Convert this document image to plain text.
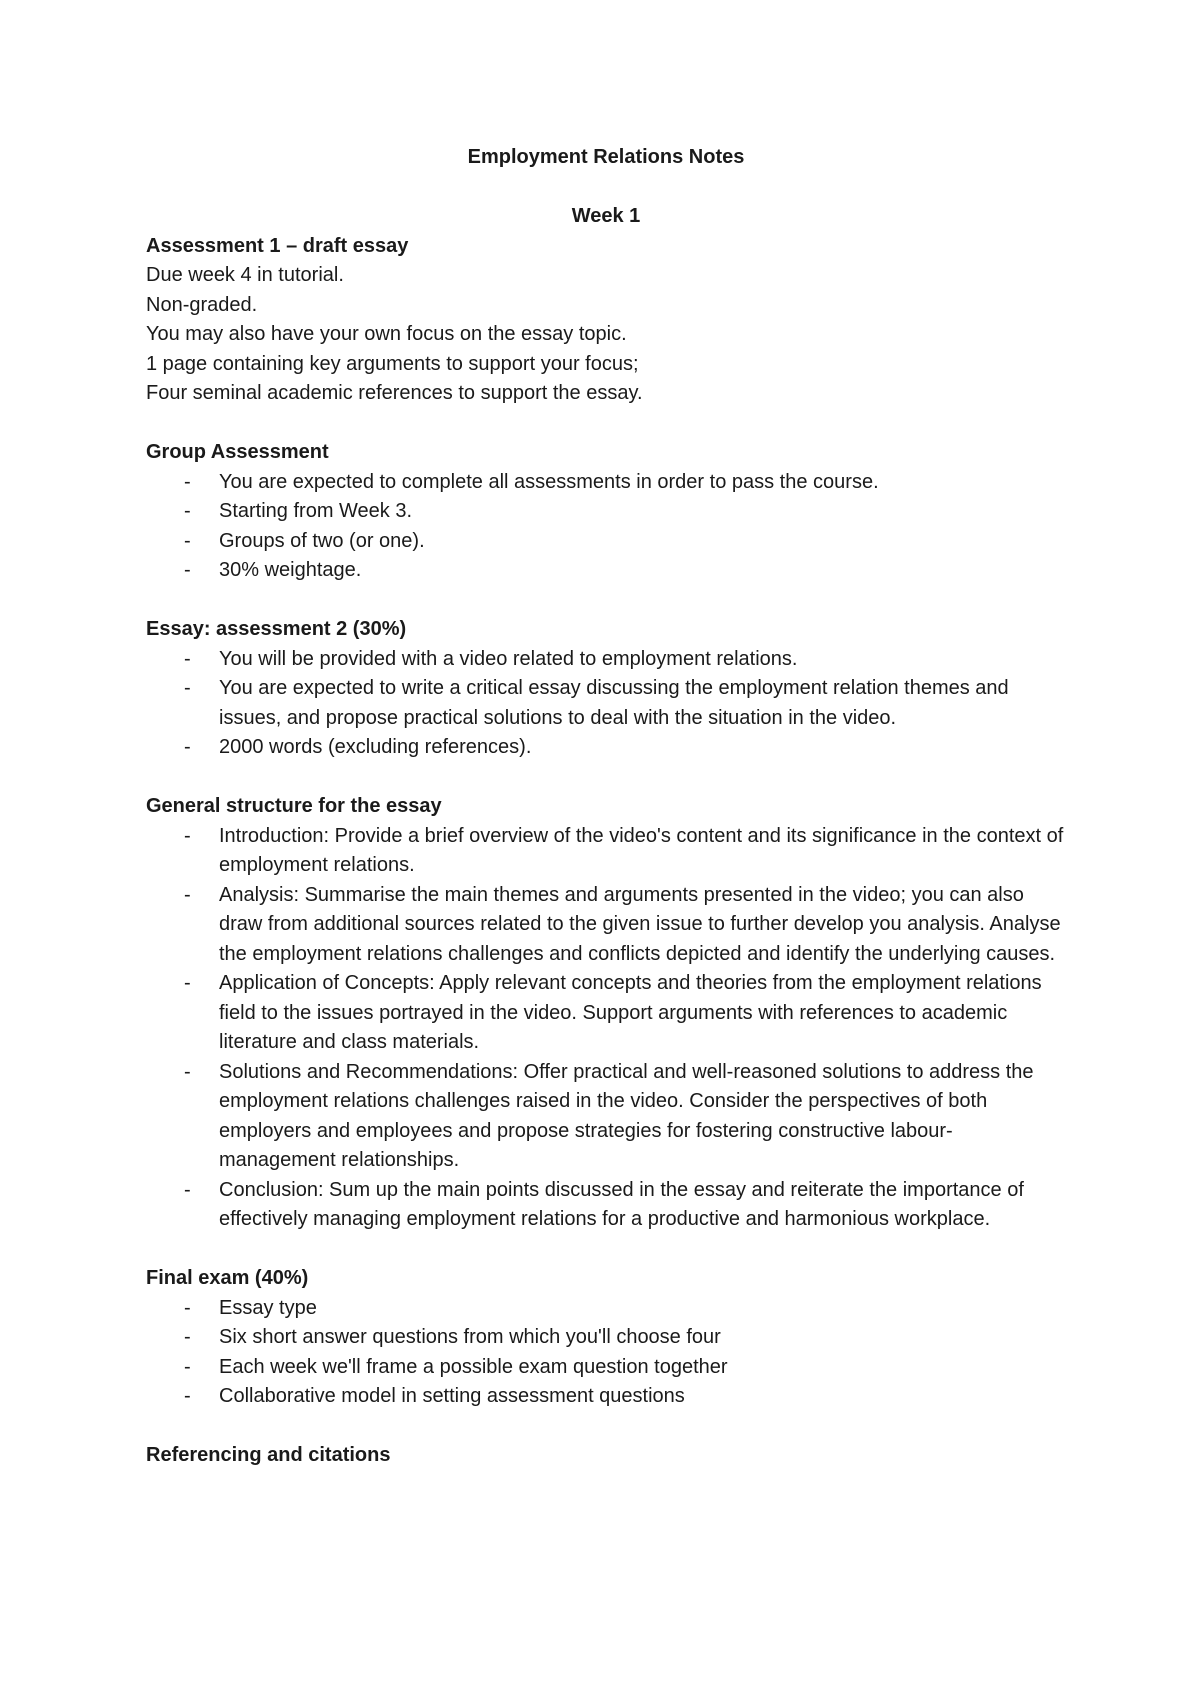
Employment Relations Notes
Week 1
Assessment 1 – draft essay
Due week 4 in tutorial.
Non-graded.
You may also have your own focus on the essay topic.
1 page containing key arguments to support your focus;
Four seminal academic references to support the essay.
Group Assessment
- You are expected to complete all assessments in order to pass the course.
- Starting from Week 3.
- Groups of two (or one).
- 30% weightage.
Essay: assessment 2 (30%)
- You will be provided with a video related to employment relations.
- You are expected to write a critical essay discussing the employment relation themes and issues, and propose practical solutions to deal with the situation in the video.
- 2000 words (excluding references).
General structure for the essay
- Introduction: Provide a brief overview of the video's content and its significance in the context of employment relations.
- Analysis: Summarise the main themes and arguments presented in the video; you can also draw from additional sources related to the given issue to further develop you analysis. Analyse the employment relations challenges and conflicts depicted and identify the underlying causes.
- Application of Concepts: Apply relevant concepts and theories from the employment relations field to the issues portrayed in the video. Support arguments with references to academic literature and class materials.
- Solutions and Recommendations: Offer practical and well-reasoned solutions to address the employment relations challenges raised in the video. Consider the perspectives of both employers and employees and propose strategies for fostering constructive labour-management relationships.
- Conclusion: Sum up the main points discussed in the essay and reiterate the importance of effectively managing employment relations for a productive and harmonious workplace.
Final exam (40%)
- Essay type
- Six short answer questions from which you'll choose four
- Each week we'll frame a possible exam question together
- Collaborative model in setting assessment questions
Referencing and citations
